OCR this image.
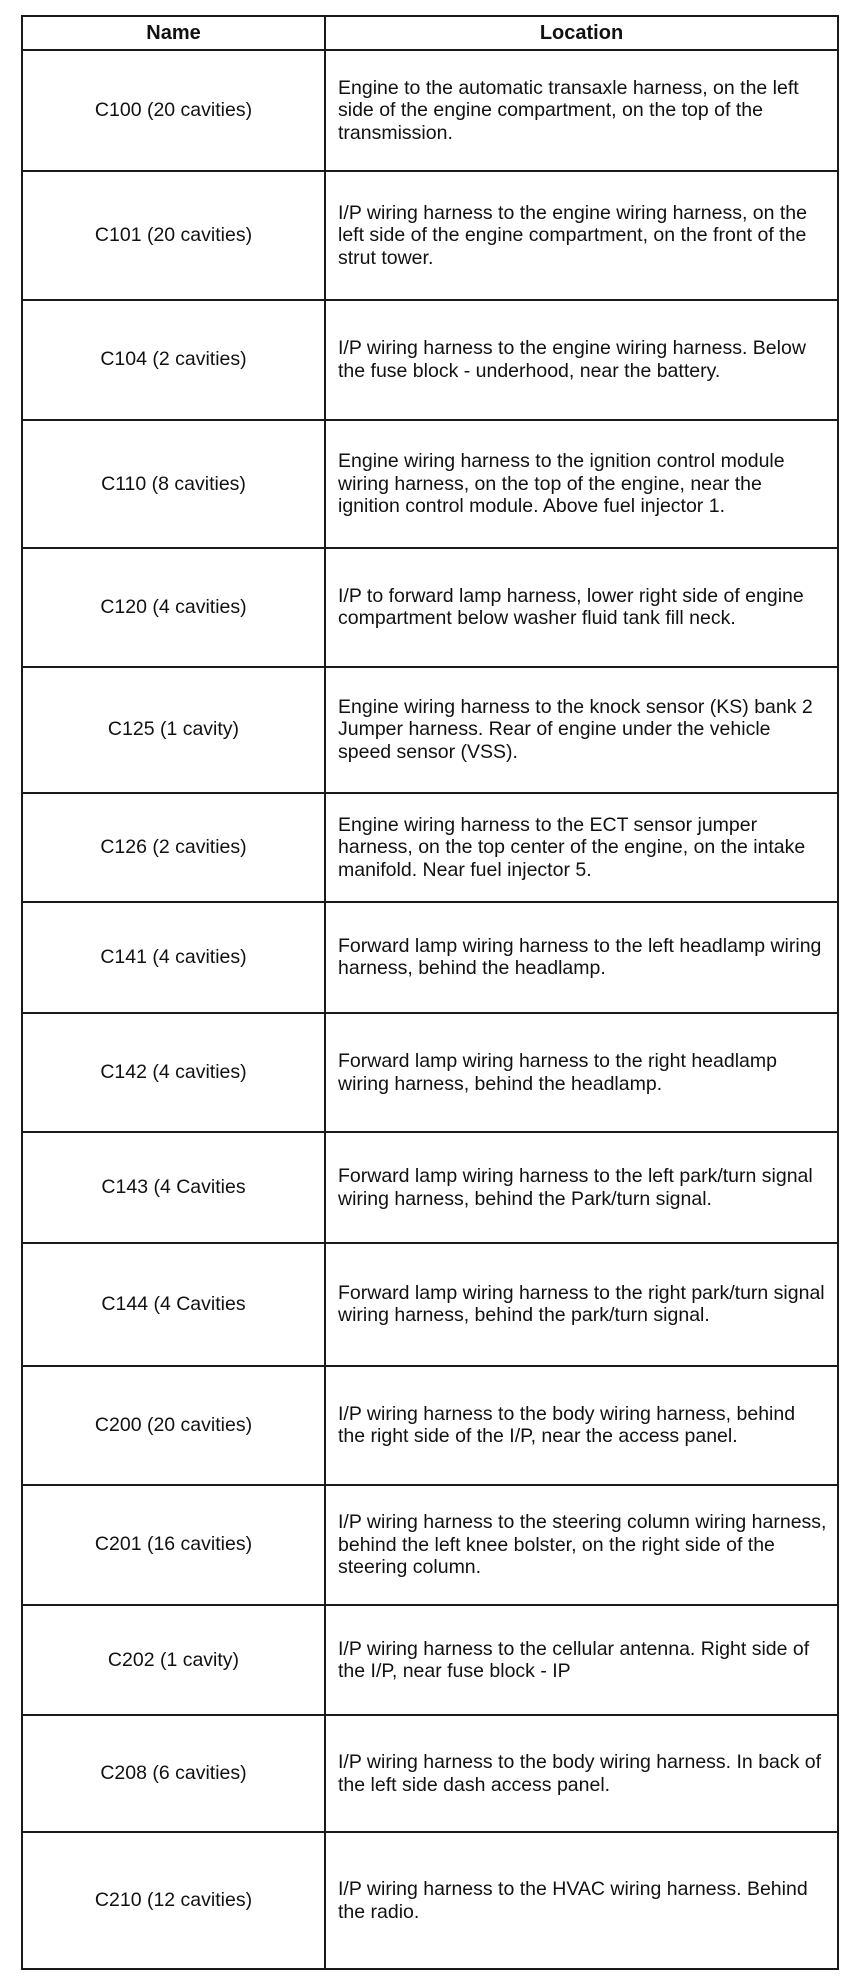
Name	Location
C100 (20 cavities)	Engine to the automatic transaxle harness, on the left side of the engine compartment, on the top of the transmission.
C101 (20 cavities)	I/P wiring harness to the engine wiring harness, on the left side of the engine compartment, on the front of the strut tower.
C104 (2 cavities)	I/P wiring harness to the engine wiring harness. Below the fuse block - underhood, near the battery.
C110 (8 cavities)	Engine wiring harness to the ignition control module wiring harness, on the top of the engine, near the ignition control module. Above fuel injector 1.
C120 (4 cavities)	I/P to forward lamp harness, lower right side of engine compartment below washer fluid tank fill neck.
C125 (1 cavity)	Engine wiring harness to the knock sensor (KS) bank 2 Jumper harness. Rear of engine under the vehicle speed sensor (VSS).
C126 (2 cavities)	Engine wiring harness to the ECT sensor jumper harness, on the top center of the engine, on the intake manifold. Near fuel injector 5.
C141 (4 cavities)	Forward lamp wiring harness to the left headlamp wiring harness, behind the headlamp.
C142 (4 cavities)	Forward lamp wiring harness to the right headlamp wiring harness, behind the headlamp.
C143 (4 Cavities	Forward lamp wiring harness to the left park/turn signal wiring harness, behind the Park/turn signal.
C144 (4 Cavities	Forward lamp wiring harness to the right park/turn signal wiring harness, behind the park/turn signal.
C200 (20 cavities)	I/P wiring harness to the body wiring harness, behind the right side of the I/P, near the access panel.
C201 (16 cavities)	I/P wiring harness to the steering column wiring harness, behind the left knee bolster, on the right side of the steering column.
C202 (1 cavity)	I/P wiring harness to the cellular antenna. Right side of the I/P, near fuse block - IP
C208 (6 cavities)	I/P wiring harness to the body wiring harness. In back of the left side dash access panel.
C210 (12 cavities)	I/P wiring harness to the HVAC wiring harness. Behind the radio.
